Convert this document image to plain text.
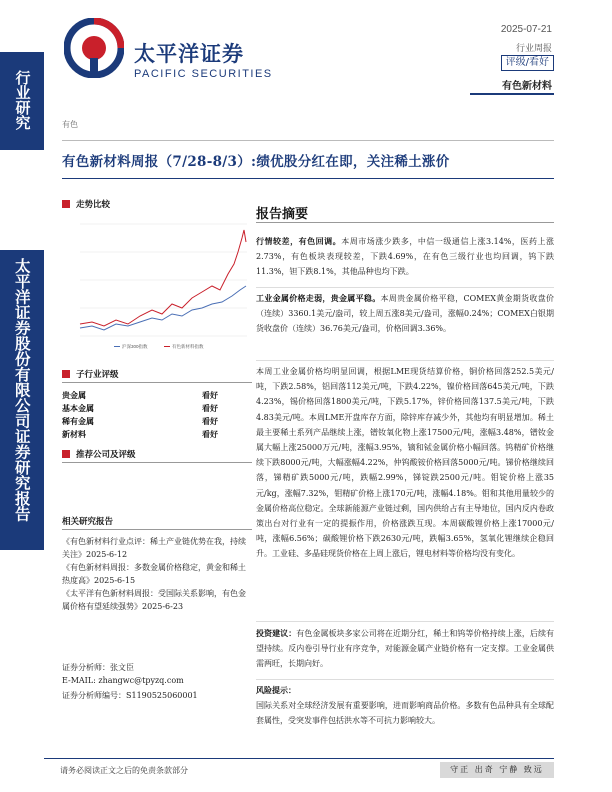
太平洋证券
PACIFIC SECURITIES
2025-07-21
行业周报
评级/看好
有色新材料
行业研究
太平洋证券股份有限公司证券研究报告
有色
有色新材料周报（7/28-8/3）:绩优股分红在即，关注稀土涨价
走势比较
沪深300指数	有色新材料指数
子行业评级
贵金属	看好
基本金属	看好
稀有金属	看好
新材料	看好
推荐公司及评级
相关研究报告
《有色新材料行业点评：稀土产业链优势在我，持续关注》2025-6-12
《有色新材料周报：多数金属价格稳定，黄金和稀土热度高》2025-6-15
《太平洋有色新材料周报：受国际关系影响，有色金属价格有望延续强势》2025-6-23
证券分析师：张文臣
E-MAIL: zhangwc@tpyzq.com
证券分析师编号：S1190525060001
报告摘要
行情较差，有色回调。本周市场涨少跌多，中信一级通信上涨3.14%，医药上涨2.73%，有色板块表现较差，下跌4.69%，在有色三级行业也均回调，钨下跌11.3%，钽下跌8.1%，其他品种也均下跌。
工业金属价格走弱，贵金属平稳。本周贵金属价格平稳，COMEX黄金期货收盘价（连续）3360.1美元/盎司，较上周五涨8美元/盎司，涨幅0.24%；COMEX白银期货收盘价（连续）36.76美元/盎司，价格回调3.36%。
本周工业金属价格均明显回调，根据LME现货结算价格，铜价格回落252.5美元/吨，下跌2.58%，铝回落112美元/吨，下跌4.22%，镍价格回落645美元/吨，下跌4.23%，锡价格回落1800美元/吨，下跌5.17%，锌价格回落137.5美元/吨，下跌4.83美元/吨。本周LME开盘库存方面，除锌库存减少外，其他均有明显增加。稀土最主要稀土系列产品继续上涨，镨钕氧化物上涨17500元/吨，涨幅3.48%，镨钕金属大幅上涨25000万元/吨，涨幅3.95%，镝和铽金属价格小幅回落。钨精矿价格继续下跌8000元/吨，大幅涨幅4.22%，仲钨酸铵价格回落5000元/吨。锑价格继续回落，锑精矿跌5000元/吨，跌幅2.99%，锑锭跌2500元/吨。钼锭价格上涨35元/kg，涨幅7.32%，钼精矿价格上涨170元/吨，涨幅4.18%。钼和其他用量较少的金属价格高位稳定。全球新能源产业链过剩，国内供给占有主导地位，国内反内卷政策出台对行业有一定的提振作用，价格涨跌互现。本周碳酸锂价格上涨17000元/吨，涨幅6.56%；碳酸锂价格下跌2630元/吨，跌幅3.65%，氢氧化锂继续企稳回升。工业硅、多晶硅现货价格在上周上涨后，锂电材料等价格均没有变化。
投资建议：有色金属板块多家公司将在近期分红，稀土和钨等价格持续上涨，后续有望持续。反内卷引导行业有序竞争，对能源金属产业链价格有一定支撑。工业金属供需两旺，长期向好。
风险提示：
国际关系对全球经济发展有重要影响，进而影响商品价格。多数有色品种具有全球配套属性，受突发事件包括洪水等不可抗力影响较大。
请务必阅读正文之后的免责条款部分	守正 出奇 宁静 致远
